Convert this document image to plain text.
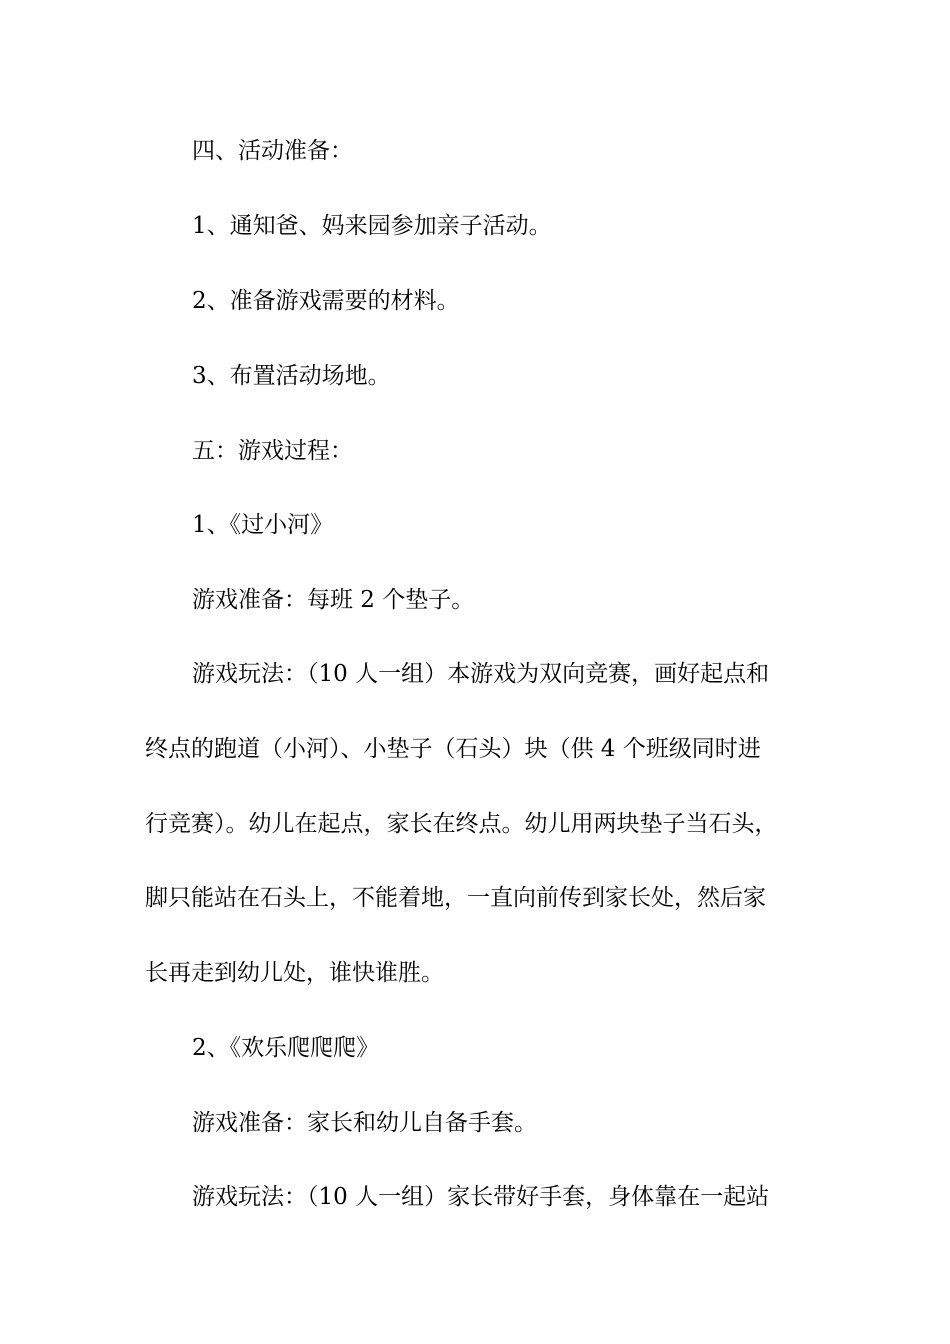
四、活动准备：
1、通知爸、妈来园参加亲子活动。
2、准备游戏需要的材料。
3、布置活动场地。
五：游戏过程：
1、《过小河》
游戏准备：每班 2 个垫子。
游戏玩法：（10 人一组）本游戏为双向竞赛，画好起点和
终点的跑道（小河）、小垫子（石头）块（供 4 个班级同时进
行竞赛）。幼儿在起点，家长在终点。幼儿用两块垫子当石头，
脚只能站在石头上，不能着地，一直向前传到家长处，然后家
长再走到幼儿处，谁快谁胜。
2、《欢乐爬爬爬》
游戏准备：家长和幼儿自备手套。
游戏玩法：（10 人一组）家长带好手套，身体靠在一起站
